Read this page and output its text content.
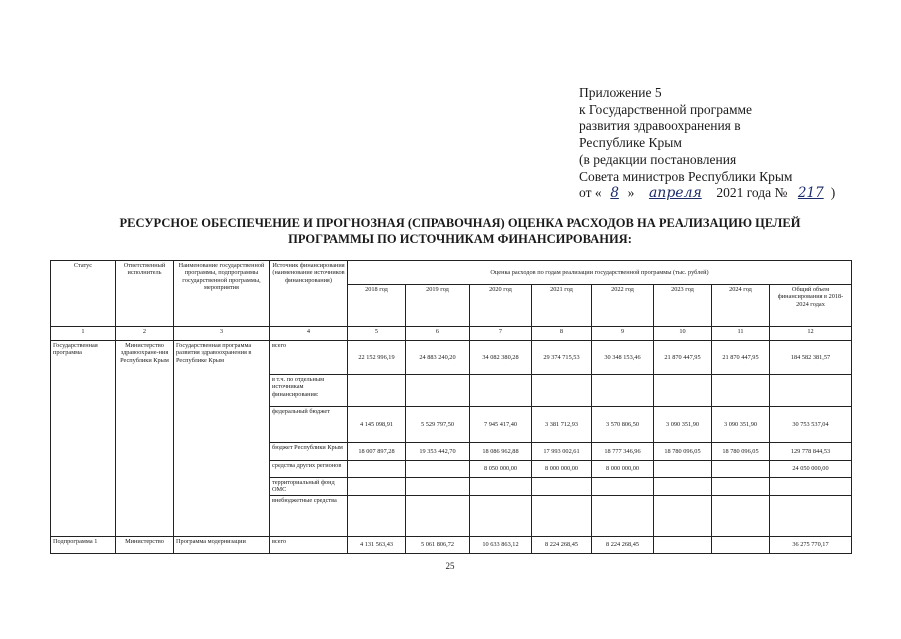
Приложение 5
к Государственной программе
развития здравоохранения в
Республике Крым
(в редакции постановления
Совета министров Республики Крым
от « 8 » апреля 2021 года № 217 )
РЕСУРСНОЕ ОБЕСПЕЧЕНИЕ И ПРОГНОЗНАЯ (СПРАВОЧНАЯ) ОЦЕНКА РАСХОДОВ НА РЕАЛИЗАЦИЮ ЦЕЛЕЙ
ПРОГРАММЫ ПО ИСТОЧНИКАМ ФИНАНСИРОВАНИЯ:
Статус	Ответственный исполнитель	Наименование государственной программы, подпрограммы государственной программы, мероприятия	Источник финансирования (наименование источников финансирования)	Оценка расходов по годам реализации государственной программы (тыс. рублей)							
				2018 год	2019 год	2020 год	2021 год	2022 год	2023 год	2024 год	Общий объем финансирования в 2018-2024 годах
1	2	3	4	5	6	7	8	9	10	11	12
Государственная программа	Министерство здравоохране-ния Республики Крым	Государственная программа развития здравоохранения в Республике Крым	всего	22 152 996,19	24 883 240,20	34 082 380,28	29 374 715,53	30 348 153,46	21 870 447,95	21 870 447,95	184 582 381,57
			в т.ч. по отдельным источникам финансирования:								
			федеральный бюджет	4 145 098,91	5 529 797,50	7 945 417,40	3 381 712,93	3 570 806,50	3 090 351,90	3 090 351,90	30 753 537,04
			бюджет Республики Крым	18 007 897,28	19 353 442,70	18 086 962,88	17 993 002,61	18 777 346,96	18 780 096,05	18 780 096,05	129 778 844,53
			средства других регионов			8 050 000,00	8 000 000,00	8 000 000,00			24 050 000,00
			территориальный фонд ОМС								
			внебюджетные средства								
Подпрограмма 1	Министерство	Программа модернизации	всего	4 131 563,43	5 061 806,72	10 633 863,12	8 224 268,45	8 224 268,45			36 275 770,17
25
